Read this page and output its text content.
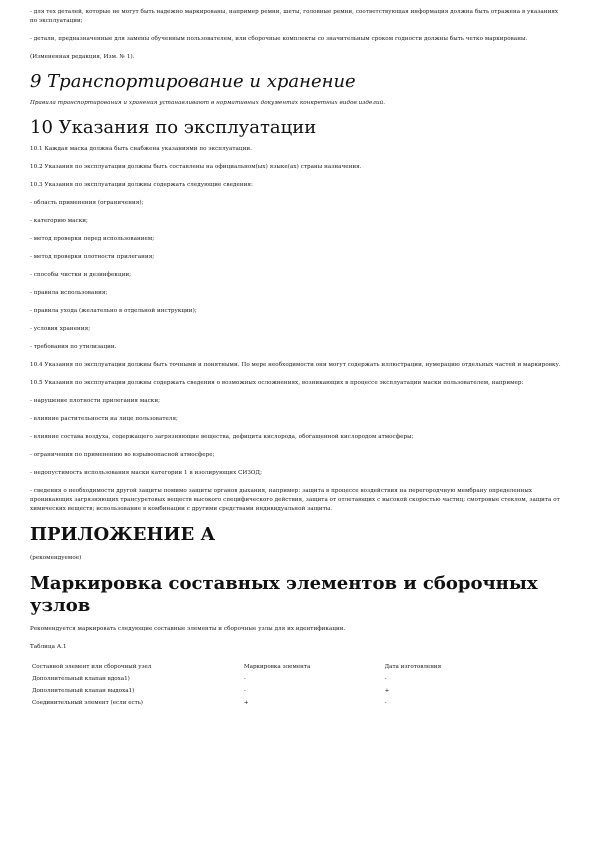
- для тех деталей, которые не могут быть надежно маркированы, например ремни, шеты, головные ремни, соответствующая информация должна быть отражена в указаниях по эксплуатации;

- детали, предназначенные для замены обученным пользователем, или сборочные комплекты со значительным сроком годности должны быть четко маркированы.

(Измененная редакция, Изм. № 1).

9 Транспортирование и хранение

Правила транспортирования и хранения устанавливают в нормативных документах конкретных видов изделий.

10 Указания по эксплуатации

10.1 Каждая маска должна быть снабжена указаниями по эксплуатации.

10.2 Указания по эксплуатации должны быть составлены на официальном(ых) языке(ах) страны назначения.

10.3 Указания по эксплуатации должны содержать следующие сведения:

- область применения (ограничения);

- категорию маски;

- метод проверки перед использованием;

- метод проверки плотности прилегания;

- способы чистки и дезинфекции;

- правила использования;

- правила ухода (желательно в отдельной инструкции);

- условия хранения;

- требования по утилизации.

10.4 Указания по эксплуатации должны быть точными и понятными. По мере необходимости они могут содержать иллюстрации, нумерацию отдельных частей и маркировку.

10.5 Указания по эксплуатации должны содержать сведения о возможных осложнениях, возникающих в процессе эксплуатации маски пользователем, например:

- нарушение плотности прилегания маски;

- влияние растительности на лице пользователя;

- влияние состава воздуха, содержащего загрязняющие вещества, дефицита кислорода, обогащенной кислородом атмосферы;

- ограничения по применению во взрывоопасной атмосфере;

- недопустимость использования маски категории 1 в изолирующих СИЗОД;

- сведения о необходимости другой защиты помимо защиты органов дыхания, например: защита в процессе воздействия на перегородчную мембрану определенных проникающих загрязняющих трансуретовых веществ высокого специфического действия, защита от отлетающих с высокой скоростью частиц; смотровые стеклом, защита от химических веществ; использование в комбинации с другими средствами индивидуальной защиты.

ПРИЛОЖЕНИЕ А

(рекомендуемое)

Маркировка составных элементов и сборочных узлов

Рекомендуется маркировать следующие составные элементы и сборочные узлы для их идентификации.

Таблица А.1
Составной элемент или сборочный узел	Маркировка элемента	Дата изготовления
Дополнительный клапан вдоха1)	-	-
Дополнительный клапан выдоха1)	-	+
Соединительный элемент (если есть)	+	-
